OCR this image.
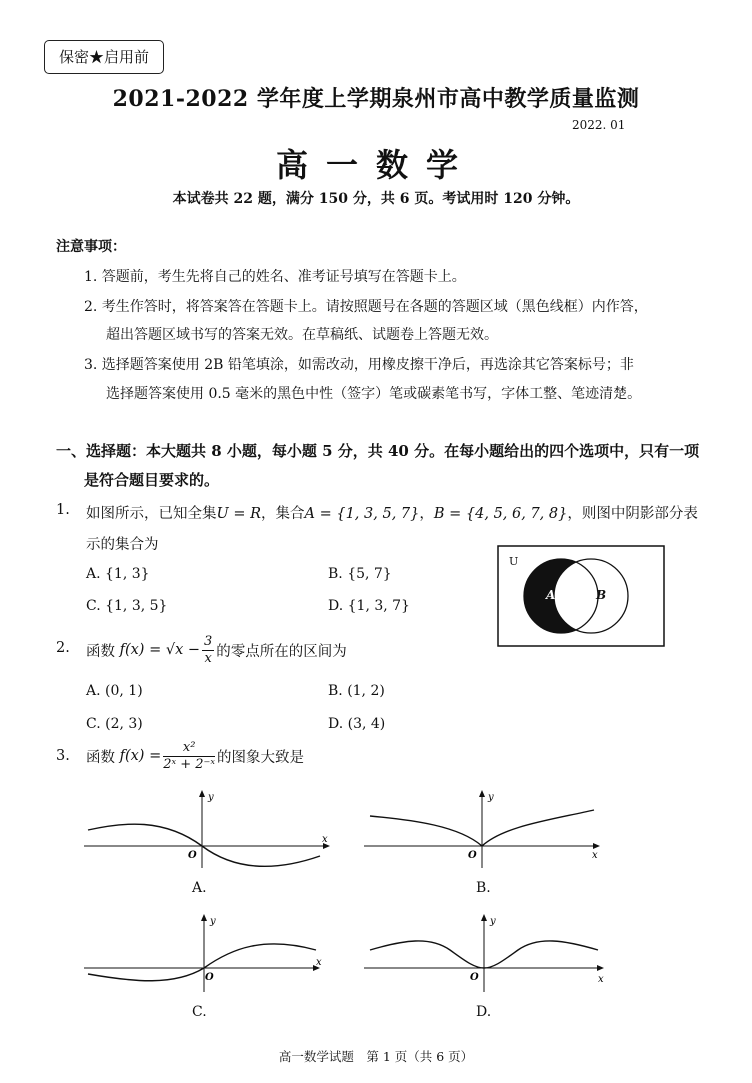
保密★启用前
2021-2022 学年度上学期泉州市高中教学质量监测
2022. 01
高一数学
本试卷共 22 题，满分 150 分，共 6 页。考试用时 120 分钟。
注意事项：
1. 答题前，考生先将自己的姓名、准考证号填写在答题卡上。
2. 考生作答时，将答案答在答题卡上。请按照题号在各题的答题区域（黑色线框）内作答，
超出答题区域书写的答案无效。在草稿纸、试题卷上答题无效。
3. 选择题答案使用 2B 铅笔填涂，如需改动，用橡皮擦干净后，再选涂其它答案标号；非
选择题答案使用 0.5 毫米的黑色中性（签字）笔或碳素笔书写，字体工整、笔迹清楚。
一、选择题：本大题共 8 小题，每小题 5 分，共 40 分。在每小题给出的四个选项中，只有一项
是符合题目要求的。
1. 如图所示，已知全集U = R，集合A = {1, 3, 5, 7}，B = {4, 5, 6, 7, 8}，则图中阴影部分表
示的集合为
A. {1, 3}	B. {5, 7}
C. {1, 3, 5}	D. {1, 3, 7}
U
A	B
2. 函数
$f(x) = √x - \frac{3}{x}$ 的零点所在的区间为
A. (0, 1)	B. (1, 2)
C. (2, 3)	D. (3, 4)
3. 函数
$f(x) = \frac{\text{x²}}{\text{2ˣ + 2⁻ˣ}}$ 的图象大致是
y
x
O
A.
y
x
O
B.
y
x
O
C.
y
x
O
D.
高一数学试题　第 1 页（共 6 页）
